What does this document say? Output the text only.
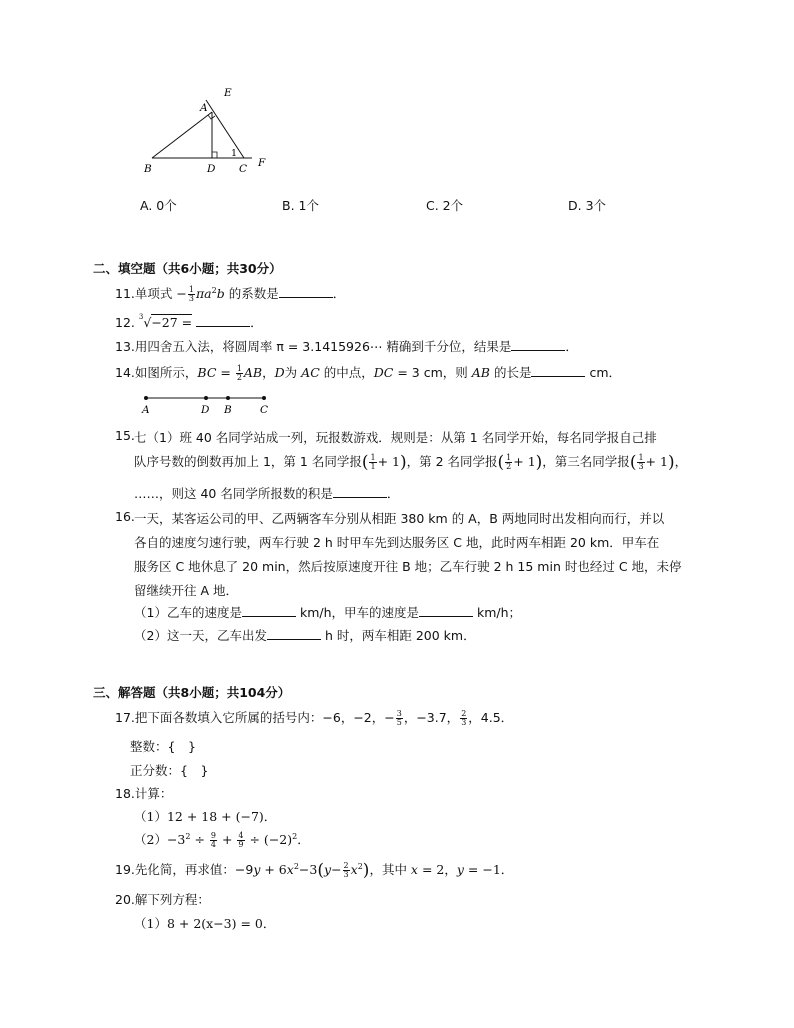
A
E
B	D C F
1
A. 0个	B. 1个	C. 2个	D. 3个
二、填空题（共6小题；共30分）
11.单项式 − $\frac{1}{3} \pi a^2b$ 的系数是	．
12. $^3$√−27 =	．
13.用四舍五入法，将圆周率 π = 3.1415926⋯ 精确到千分位，结果是	．
14.如图所示，BC = $\frac{1}{2}$ AB，D为 AC 的中点，DC = 3 cm，则 AB 的长是	cm．
A	D B	C
15. 七（1）班 40 名同学站成一列，玩报数游戏．规则是：从第 1 名同学开始，每名同学报自己排
队序号数的倒数再加上 1，第 1 名同学报( $\frac{1}{1} + 1$)，第 2 名同学报( $\frac{1}{2} + 1$)，第三名同学报( $\frac{1}{3} + 1$)，
……，则这 40 名同学所报数的积是	．
16. 一天，某客运公司的甲、乙两辆客车分别从相距 380 km 的 A，B 两地同时出发相向而行，并以
各自的速度匀速行驶，两车行驶 2 h 时甲车先到达服务区 C 地，此时两车相距 20 km．甲车在
服务区 C 地休息了 20 min，然后按原速度开往 B 地；乙车行驶 2 h 15 min 时也经过 C 地，未停
留继续开往 A 地．
（1）乙车的速度是	km/h，甲车的速度是	km/h；
（2）这一天，乙车出发	h 时，两车相距 200 km．
三、解答题（共8小题；共104分）
17.把下面各数填入它所属的括号内：−6，−2，− $\frac{3}{5}$ ，−3.7， $\frac{2}{3}$ ，4.5．
整数：{　}
正分数：{　}
18.计算：
（1）12 + 18 + (−7)．
$(2)-3^2 \div \frac{9}{4} + \frac{4}{9} \div (-2)^2$．
19.先化简，再求值：$-9y + 6x^2-3(y- \frac{2}{3} x^2)$，其中 x = 2，y = −1．
20.解下列方程：
（1）8 + 2(x−3) = 0．
